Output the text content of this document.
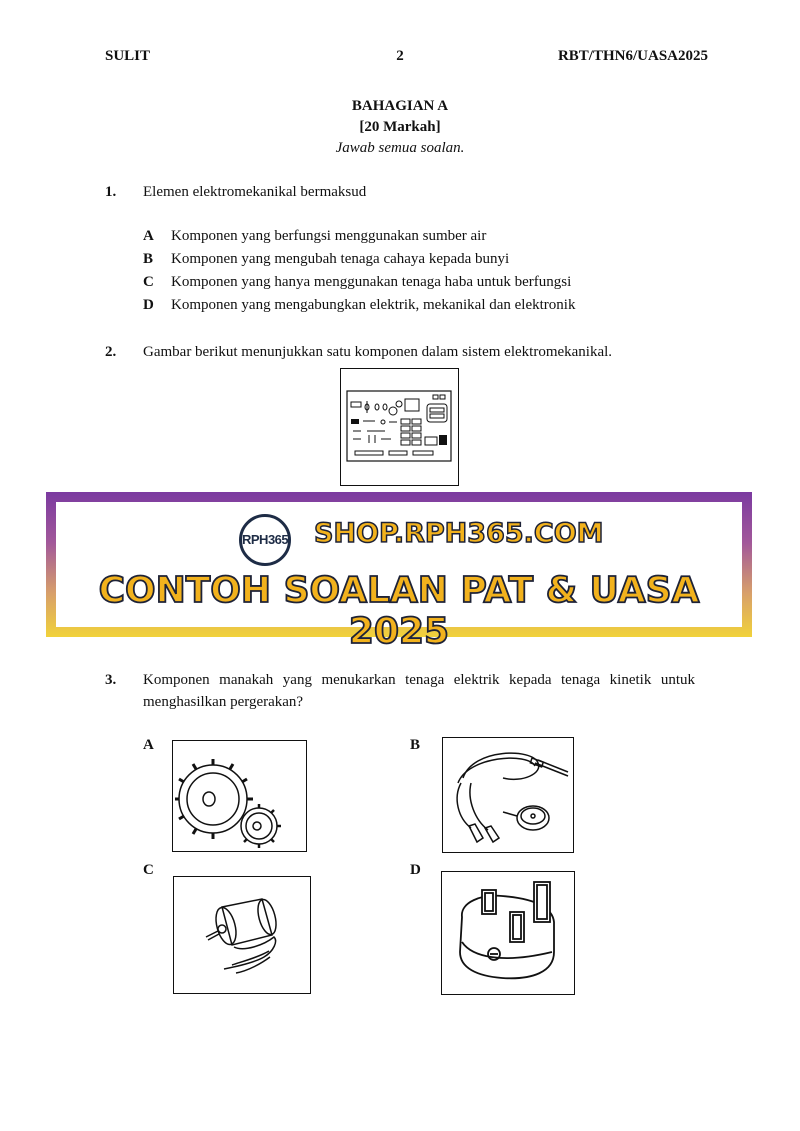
SULIT	2	RBT/THN6/UASA2025
BAHAGIAN A
[20 Markah]
Jawab semua soalan.
1. Elemen elektromekanikal bermaksud
A	Komponen yang berfungsi menggunakan sumber air
B	Komponen yang mengubah tenaga cahaya kepada bunyi
C	Komponen yang hanya menggunakan tenaga haba untuk berfungsi
D	Komponen yang mengabungkan elektrik, mekanikal dan elektronik
2. Gambar berikut menunjukkan satu komponen dalam sistem elektromekanikal.
RPH365 SHOP.RPH365.COM
CONTOH SOALAN PAT & UASA 2025
3. Komponen manakah yang menukarkan tenaga elektrik kepada tenaga kinetik untuk menghasilkan pergerakan?
A	B
C	D
